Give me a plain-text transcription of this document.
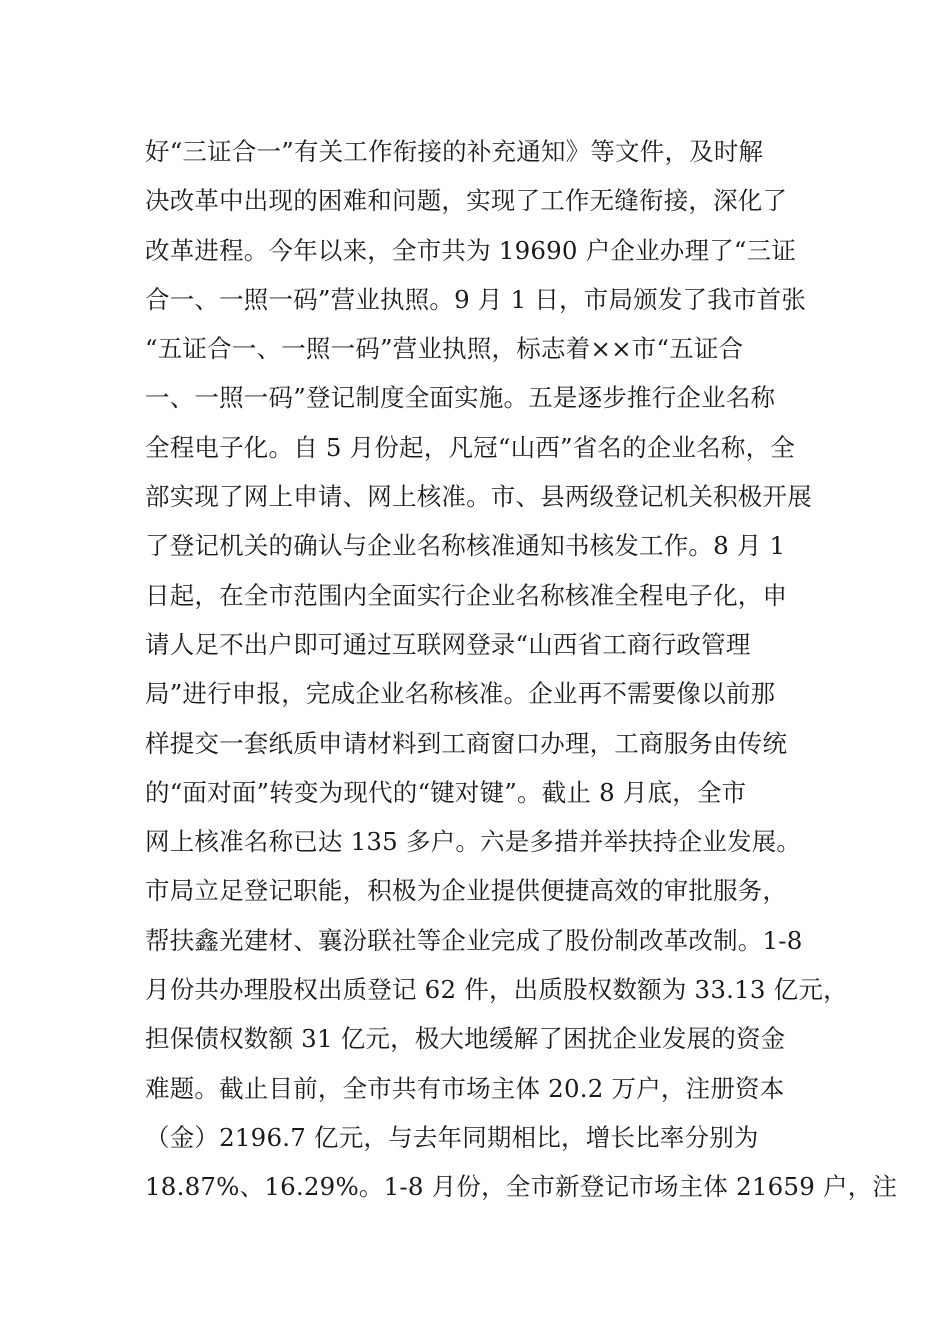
好“三证合一”有关工作衔接的补充通知》等文件，及时解
决改革中出现的困难和问题，实现了工作无缝衔接，深化了
改革进程。今年以来，全市共为 19690 户企业办理了“三证
合一、一照一码”营业执照。9 月 1 日，市局颁发了我市首张
“五证合一、一照一码”营业执照，标志着××市“五证合
一、一照一码”登记制度全面实施。五是逐步推行企业名称
全程电子化。自 5 月份起，凡冠“山西”省名的企业名称，全
部实现了网上申请、网上核准。市、县两级登记机关积极开展
了登记机关的确认与企业名称核准通知书核发工作。8 月 1
日起，在全市范围内全面实行企业名称核准全程电子化，申
请人足不出户即可通过互联网登录“山西省工商行政管理
局”进行申报，完成企业名称核准。企业再不需要像以前那
样提交一套纸质申请材料到工商窗口办理，工商服务由传统
的“面对面”转变为现代的“键对键”。截止 8 月底，全市
网上核准名称已达 135 多户。六是多措并举扶持企业发展。
市局立足登记职能，积极为企业提供便捷高效的审批服务，
帮扶鑫光建材、襄汾联社等企业完成了股份制改革改制。1-8
月份共办理股权出质登记 62 件，出质股权数额为 33.13 亿元，
担保债权数额 31 亿元，极大地缓解了困扰企业发展的资金
难题。截止目前，全市共有市场主体 20.2 万户，注册资本
（金）2196.7 亿元，与去年同期相比，增长比率分别为
18.87%、16.29%。1-8 月份，全市新登记市场主体 21659 户，注
